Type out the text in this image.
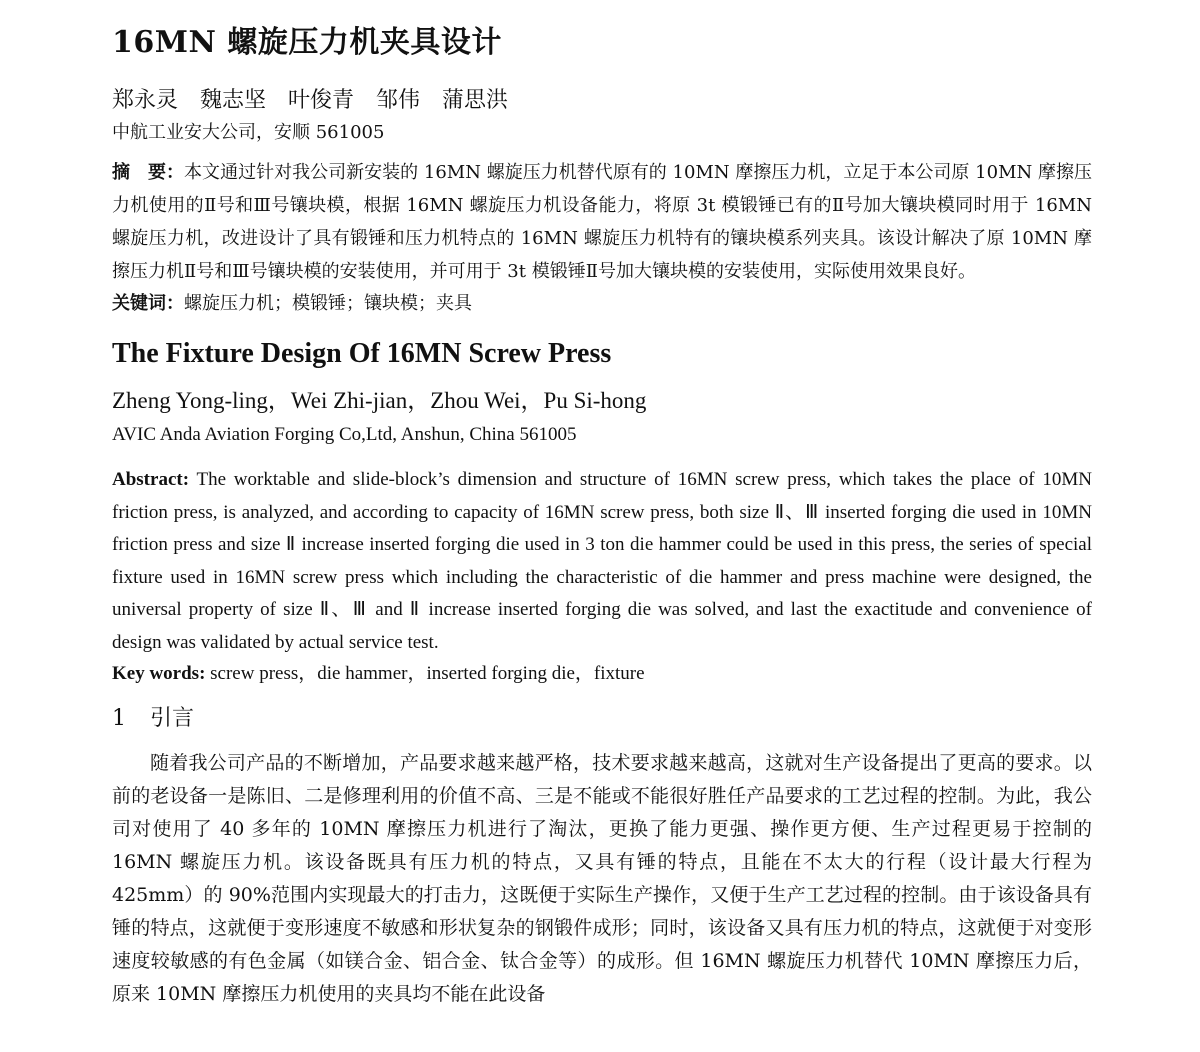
16MN 螺旋压力机夹具设计
郑永灵　魏志坚　叶俊青　邹伟　蒲思洪
中航工业安大公司，安顺 561005
摘　要：本文通过针对我公司新安装的 16MN 螺旋压力机替代原有的 10MN 摩擦压力机，立足于本公司原 10MN 摩擦压力机使用的Ⅱ号和Ⅲ号镶块模，根据 16MN 螺旋压力机设备能力，将原 3t 模锻锤已有的Ⅱ号加大镶块模同时用于 16MN 螺旋压力机，改进设计了具有锻锤和压力机特点的 16MN 螺旋压力机特有的镶块模系列夹具。该设计解决了原 10MN 摩擦压力机Ⅱ号和Ⅲ号镶块模的安装使用，并可用于 3t 模锻锤Ⅱ号加大镶块模的安装使用，实际使用效果良好。
关键词：螺旋压力机；模锻锤；镶块模；夹具
The Fixture Design Of 16MN Screw Press
Zheng Yong-ling，Wei Zhi-jian，Zhou Wei，Pu Si-hong
AVIC Anda Aviation Forging Co,Ltd, Anshun, China 561005
Abstract: The worktable and slide-block’s dimension and structure of 16MN screw press, which takes the place of 10MN friction press, is analyzed, and according to capacity of 16MN screw press, both size Ⅱ、Ⅲ inserted forging die used in 10MN friction press and size Ⅱ increase inserted forging die used in 3 ton die hammer could be used in this press, the series of special fixture used in 16MN screw press which including the characteristic of die hammer and press machine were designed, the universal property of size Ⅱ、Ⅲ and Ⅱ increase inserted forging die was solved, and last the exactitude and convenience of design was validated by actual service test.
Key words: screw press，die hammer，inserted forging die，fixture
1 引言
随着我公司产品的不断增加，产品要求越来越严格，技术要求越来越高，这就对生产设备提出了更高的要求。以前的老设备一是陈旧、二是修理利用的价值不高、三是不能或不能很好胜任产品要求的工艺过程的控制。为此，我公司对使用了 40 多年的 10MN 摩擦压力机进行了淘汰，更换了能力更强、操作更方便、生产过程更易于控制的 16MN 螺旋压力机。该设备既具有压力机的特点，又具有锤的特点，且能在不太大的行程（设计最大行程为 425mm）的 90%范围内实现最大的打击力，这既便于实际生产操作，又便于生产工艺过程的控制。由于该设备具有锤的特点，这就便于变形速度不敏感和形状复杂的钢锻件成形；同时，该设备又具有压力机的特点，这就便于对变形速度较敏感的有色金属（如镁合金、铝合金、钛合金等）的成形。但 16MN 螺旋压力机替代 10MN 摩擦压力后，原来 10MN 摩擦压力机使用的夹具均不能在此设备
